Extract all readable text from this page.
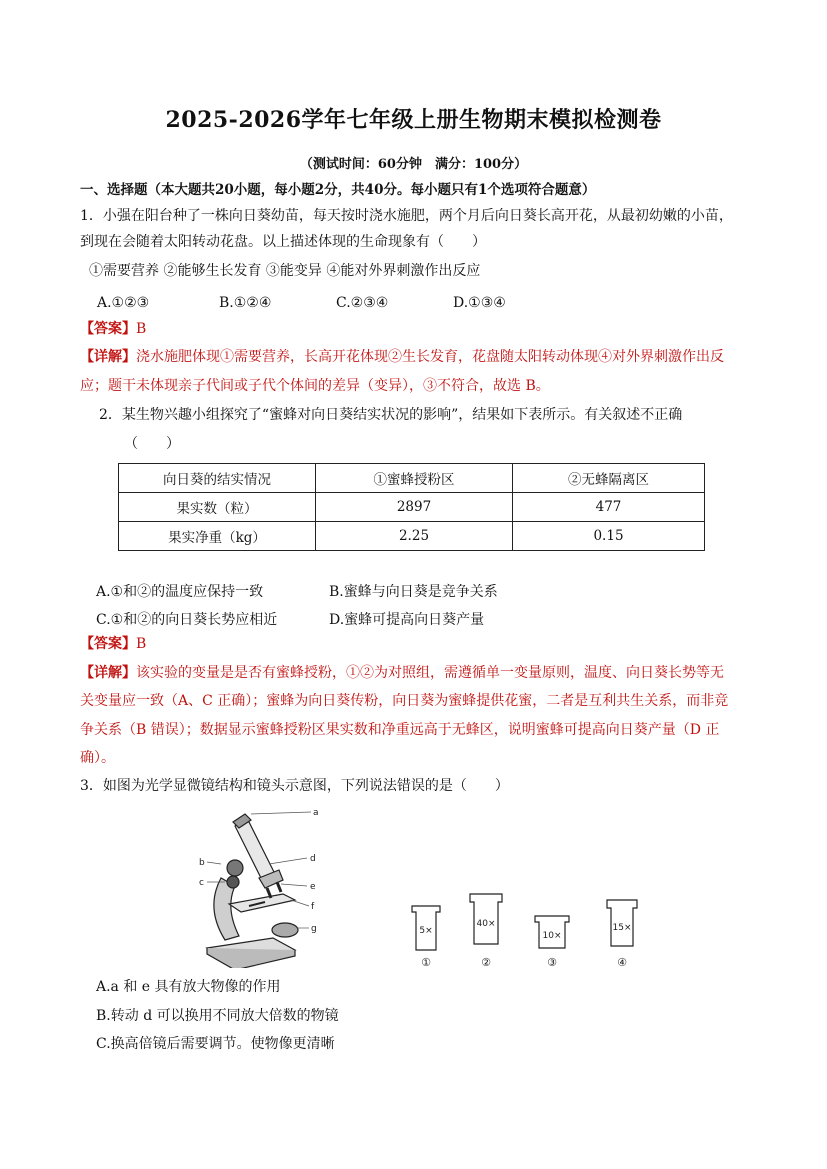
2025-2026学年七年级上册生物期末模拟检测卷
（测试时间：60分钟　满分：100分）
一、选择题（本大题共20小题，每小题2分，共40分。每小题只有1个选项符合题意）
1．小强在阳台种了一株向日葵幼苗，每天按时浇水施肥，两个月后向日葵长高开花，从最初幼嫩的小苗，
到现在会随着太阳转动花盘。以上描述体现的生命现象有（　　）
①需要营养 ②能够生长发育 ③能变异 ④能对外界刺激作出反应
A.①②③	B.①②④	C.②③④	D.①③④
【答案】B
【详解】浇水施肥体现①需要营养，长高开花体现②生长发育，花盘随太阳转动体现④对外界刺激作出反
应；题干未体现亲子代间或子代个体间的差异（变异），③不符合，故选 B。
2．某生物兴趣小组探究了“蜜蜂对向日葵结实状况的影响”，结果如下表所示。有关叙述不正确
（　　）
向日葵的结实情况	①蜜蜂授粉区	②无蜂隔离区
果实数（粒）	2897	477
果实净重（kg）	2.25	0.15
A.①和②的温度应保持一致	B.蜜蜂与向日葵是竞争关系
C.①和②的向日葵长势应相近	D.蜜蜂可提高向日葵产量
【答案】B
【详解】该实验的变量是是否有蜜蜂授粉，①②为对照组，需遵循单一变量原则，温度、向日葵长势等无
关变量应一致（A、C 正确）；蜜蜂为向日葵传粉，向日葵为蜜蜂提供花蜜，二者是互利共生关系，而非竞
争关系（B 错误）；数据显示蜜蜂授粉区果实数和净重远高于无蜂区，说明蜜蜂可提高向日葵产量（D 正
确）。
3．如图为光学显微镜结构和镜头示意图，下列说法错误的是（　　）
a
b
c
d
e
f
g	5×
40×
10×
15×
①	②	③	④
A.a 和 e 具有放大物像的作用
B.转动 d 可以换用不同放大倍数的物镜
C.换高倍镜后需要调节。使物像更清晰
